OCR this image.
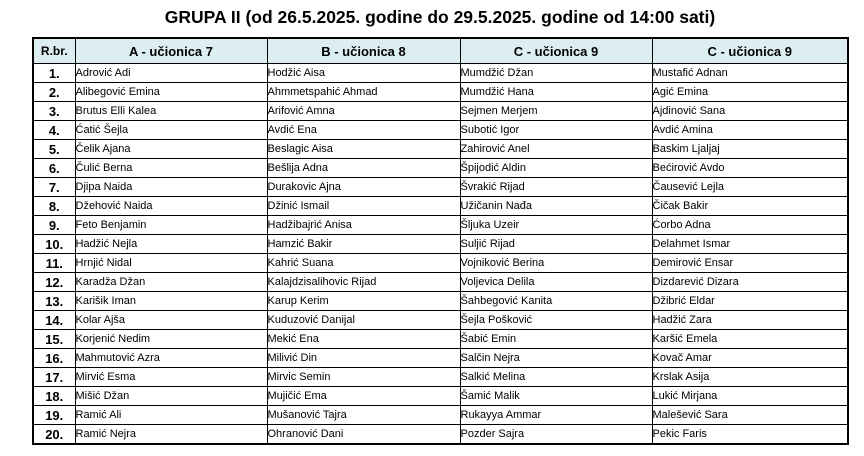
GRUPA II (od 26.5.2025. godine do 29.5.2025. godine od 14:00 sati)
R.br.	A - učionica 7	B - učionica 8	C - učionica 9	C - učionica 9
1.	Adrović Adi	Hodžić Aisa	Mumdžić Džan	Mustafić Adnan
2.	Alibegović Emina	Ahmmetspahić Ahmad	Mumdžić Hana	Agić Emina
3.	Brutus Elli Kalea	Arifović Amna	Sejmen Merjem	Ajdinović Sana
4.	Ćatić Šejla	Avdić Ena	Subotić Igor	Avdić Amina
5.	Čelik Ajana	Beslagic Aisa	Zahirović Anel	Baskim Ljaljaj
6.	Čulić Berna	Bešlija Adna	Špijodić Aldin	Bećirović Avdo
7.	Djipa Naida	Durakovic Ajna	Švrakić Rijad	Čausević Lejla
8.	Džehović Naida	Džinić Ismail	Užičanin Nađa	Čičak Bakir
9.	Feto Benjamin	Hadžibajrić Anisa	Šljuka Uzeir	Ćorbo Adna
10.	Hadžić Nejla	Hamzić Bakir	Suljić Rijad	Delahmet Ismar
11.	Hrnjić Nidal	Kahrić Suana	Vojniković Berina	Demirović Ensar
12.	Karadža Džan	Kalajdzisalihovic Rijad	Voljevica Delila	Dizdarević Dizara
13.	Karišik Iman	Karup Kerim	Šahbegović Kanita	Džibrić Eldar
14.	Kolar Ajša	Kuduzović Danijal	Šejla Pošković	Hadžić Zara
15.	Korjenić Nedim	Mekić Ena	Šabić Emin	Karšić Emela
16.	Mahmutović Azra	Milivić Din	Salčin Nejra	Kovač Amar
17.	Mirvić Esma	Mirvic Semin	Salkić Melina	Krslak Asija
18.	Mišić Džan	Mujičić Ema	Šamić Malik	Lukić Mirjana
19.	Ramić Ali	Mušanović Tajra	Rukayya Ammar	Malešević Sara
20.	Ramić Nejra	Ohranović Dani	Pozder Sajra	Pekic Faris
